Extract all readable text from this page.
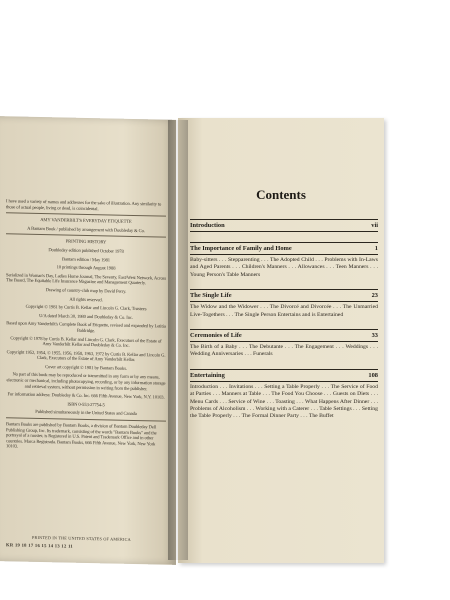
I have used a variety of names and addresses for the sake of illustration. Any similarity to those of actual people, living or dead, is coincidental.

AMY VANDERBILT'S EVERYDAY ETIQUETTE

A Bantam Book / published by arrangement with Doubleday & Co.

PRINTING HISTORY

Doubleday edition published October 1978

Bantam edition / May 1981

10 printings through August 1988

Serialized in Woman's Day, Ladies Home Journal, The Seventy, East/West Network, Across The Board, The Equitable Life Insurance Magazine and Management Quarterly.

Drawing of country-club map by David Perry.

All rights reserved.

Copyright © 1981 by Curtis B. Kellar and Lincoln G. Clark, Trustees

U/A dated March 30, 1980 and Doubleday & Co. Inc.

Based upon Amy Vanderbilt's Complete Book of Etiquette, revised and expanded by Letitia Baldridge.

Copyright © 1978 by Curtis B. Kellar and Lincoln G. Clark, Executors of the Estate of Amy Vanderbilt Kellar and Doubleday & Co. Inc.

Copyright 1952, 1954, © 1955, 1956, 1958, 1963, 1972 by Curtis B. Kellar and Lincoln G. Clark, Executors of the Estate of Amy Vanderbilt Kellar.

Cover art copyright © 1981 by Bantam Books.

No part of this book may be reproduced or transmitted in any form or by any means, electronic or mechanical, including photocopying, recording, or by any information storage and retrieval system, without permission in writing from the publisher.

For information address: Doubleday & Co. Inc. 666 Fifth Avenue, New York, N.Y. 10103.

ISBN 0-553-27754-5

Published simultaneously in the United States and Canada

Bantam Books are published by Bantam Books, a division of Bantam Doubleday Dell Publishing Group, Inc. Its trademark, consisting of the words "Bantam Books" and the portrayal of a rooster, is Registered in U.S. Patent and Trademark Office and in other countries. Marca Registrada. Bantam Books, 666 Fifth Avenue, New York, New York 10103.

PRINTED IN THE UNITED STATES OF AMERICA
KR 19 18 17 16 15 14 13 12 11
Contents
Introduction	vii
The Importance of Family and Home	1
Baby-sitters . . . Stepparenting . . . The Adopted Child . . . Problems with In-Laws and Aged Parents . . . Children's Manners . . . Allowances . . . Teen Manners . . . Young Person's Table Manners
The Single Life	23
The Widow and the Widower . . . The Divorcé and Divorcée . . . The Unmarried Live-Togethers . . . The Single Person Entertains and is Entertained
Ceremonies of Life	33
The Birth of a Baby . . . The Debutante . . . The Engagement . . . Weddings . . . Wedding Anniversaries . . . Funerals
Entertaining	108
Introduction . . . Invitations . . . Setting a Table Properly . . . The Service of Food at Parties . . . Manners at Table . . . The Food You Choose . . . Guests on Diets . . . Menu Cards . . . Service of Wine . . . Toasting . . . What Happens After Dinner . . . Problems of Alcoholism . . . Working with a Caterer . . . Table Settings . . . Setting the Table Properly . . . The Formal Dinner Party . . . The Buffet
